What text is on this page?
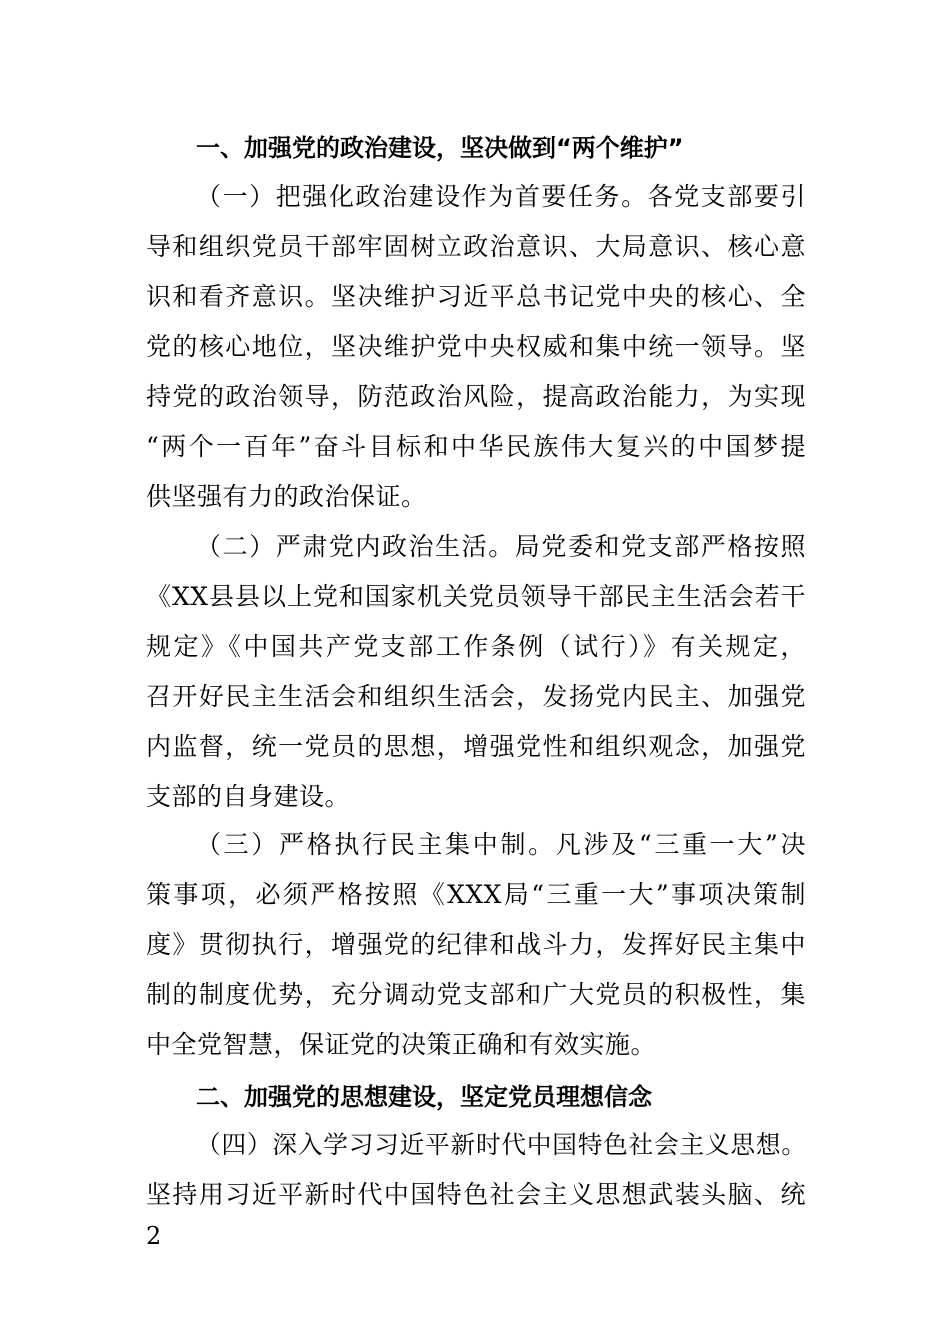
一、加强党的政治建设，坚决做到“两个维护”
（一）把强化政治建设作为首要任务。各党支部要引
导和组织党员干部牢固树立政治意识、大局意识、核心意
识和看齐意识。坚决维护习近平总书记党中央的核心、全
党的核心地位，坚决维护党中央权威和集中统一领导。坚
持党的政治领导，防范政治风险，提高政治能力，为实现
“两个一百年”奋斗目标和中华民族伟大复兴的中国梦提
供坚强有力的政治保证。
（二）严肃党内政治生活。局党委和党支部严格按照
《XX县县以上党和国家机关党员领导干部民主生活会若干
规定》《中国共产党支部工作条例（试行）》有关规定，
召开好民主生活会和组织生活会，发扬党内民主、加强党
内监督，统一党员的思想，增强党性和组织观念，加强党
支部的自身建设。
（三）严格执行民主集中制。凡涉及“三重一大”决
策事项，必须严格按照《XXX局“三重一大”事项决策制
度》贯彻执行，增强党的纪律和战斗力，发挥好民主集中
制的制度优势，充分调动党支部和广大党员的积极性，集
中全党智慧，保证党的决策正确和有效实施。
二、加强党的思想建设，坚定党员理想信念
（四）深入学习习近平新时代中国特色社会主义思想。
坚持用习近平新时代中国特色社会主义思想武装头脑、统
2
